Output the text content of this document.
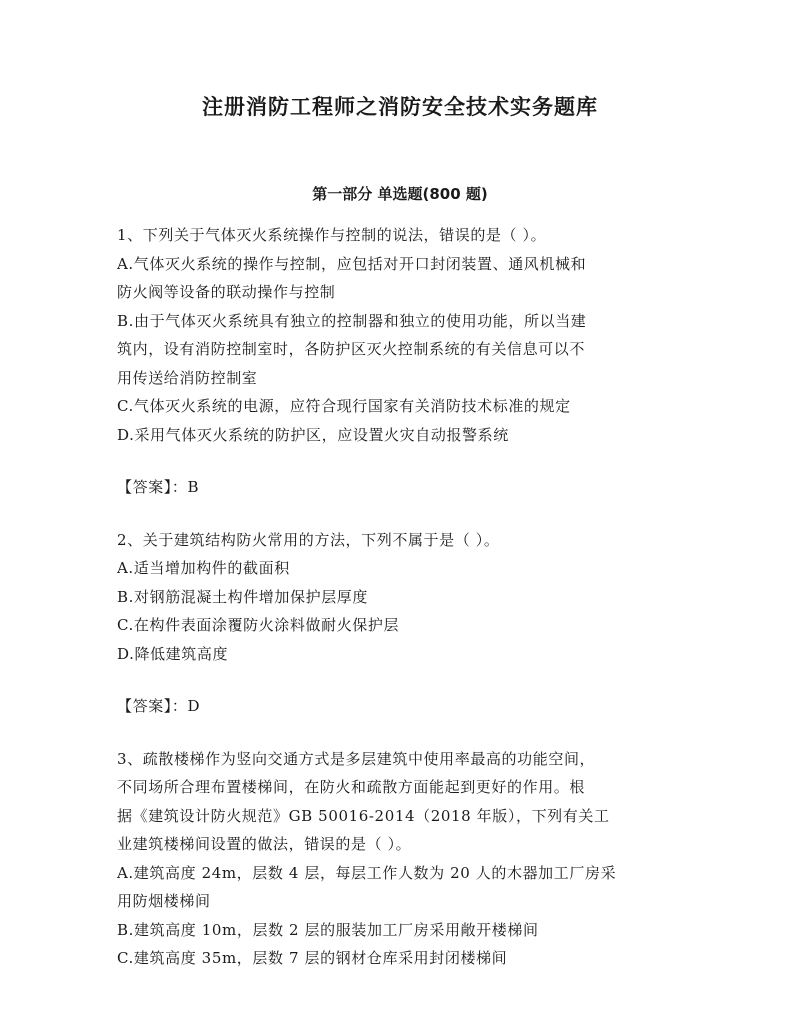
注册消防工程师之消防安全技术实务题库
第一部分 单选题(800 题)
1、下列关于气体灭火系统操作与控制的说法，错误的是（ ）。
A.气体灭火系统的操作与控制，应包括对开口封闭装置、通风机械和
防火阀等设备的联动操作与控制
B.由于气体灭火系统具有独立的控制器和独立的使用功能，所以当建
筑内，设有消防控制室时，各防护区灭火控制系统的有关信息可以不
用传送给消防控制室
C.气体灭火系统的电源，应符合现行国家有关消防技术标准的规定
D.采用气体灭火系统的防护区，应设置火灾自动报警系统
【答案】：B
2、关于建筑结构防火常用的方法，下列不属于是（ ）。
A.适当增加构件的截面积
B.对钢筋混凝土构件增加保护层厚度
C.在构件表面涂覆防火涂料做耐火保护层
D.降低建筑高度
【答案】：D
3、疏散楼梯作为竖向交通方式是多层建筑中使用率最高的功能空间，
不同场所合理布置楼梯间，在防火和疏散方面能起到更好的作用。根
据《建筑设计防火规范》GB 50016-2014（2018 年版），下列有关工
业建筑楼梯间设置的做法，错误的是（ ）。
A.建筑高度 24m，层数 4 层，每层工作人数为 20 人的木器加工厂房采
用防烟楼梯间
B.建筑高度 10m，层数 2 层的服装加工厂房采用敞开楼梯间
C.建筑高度 35m，层数 7 层的钢材仓库采用封闭楼梯间
